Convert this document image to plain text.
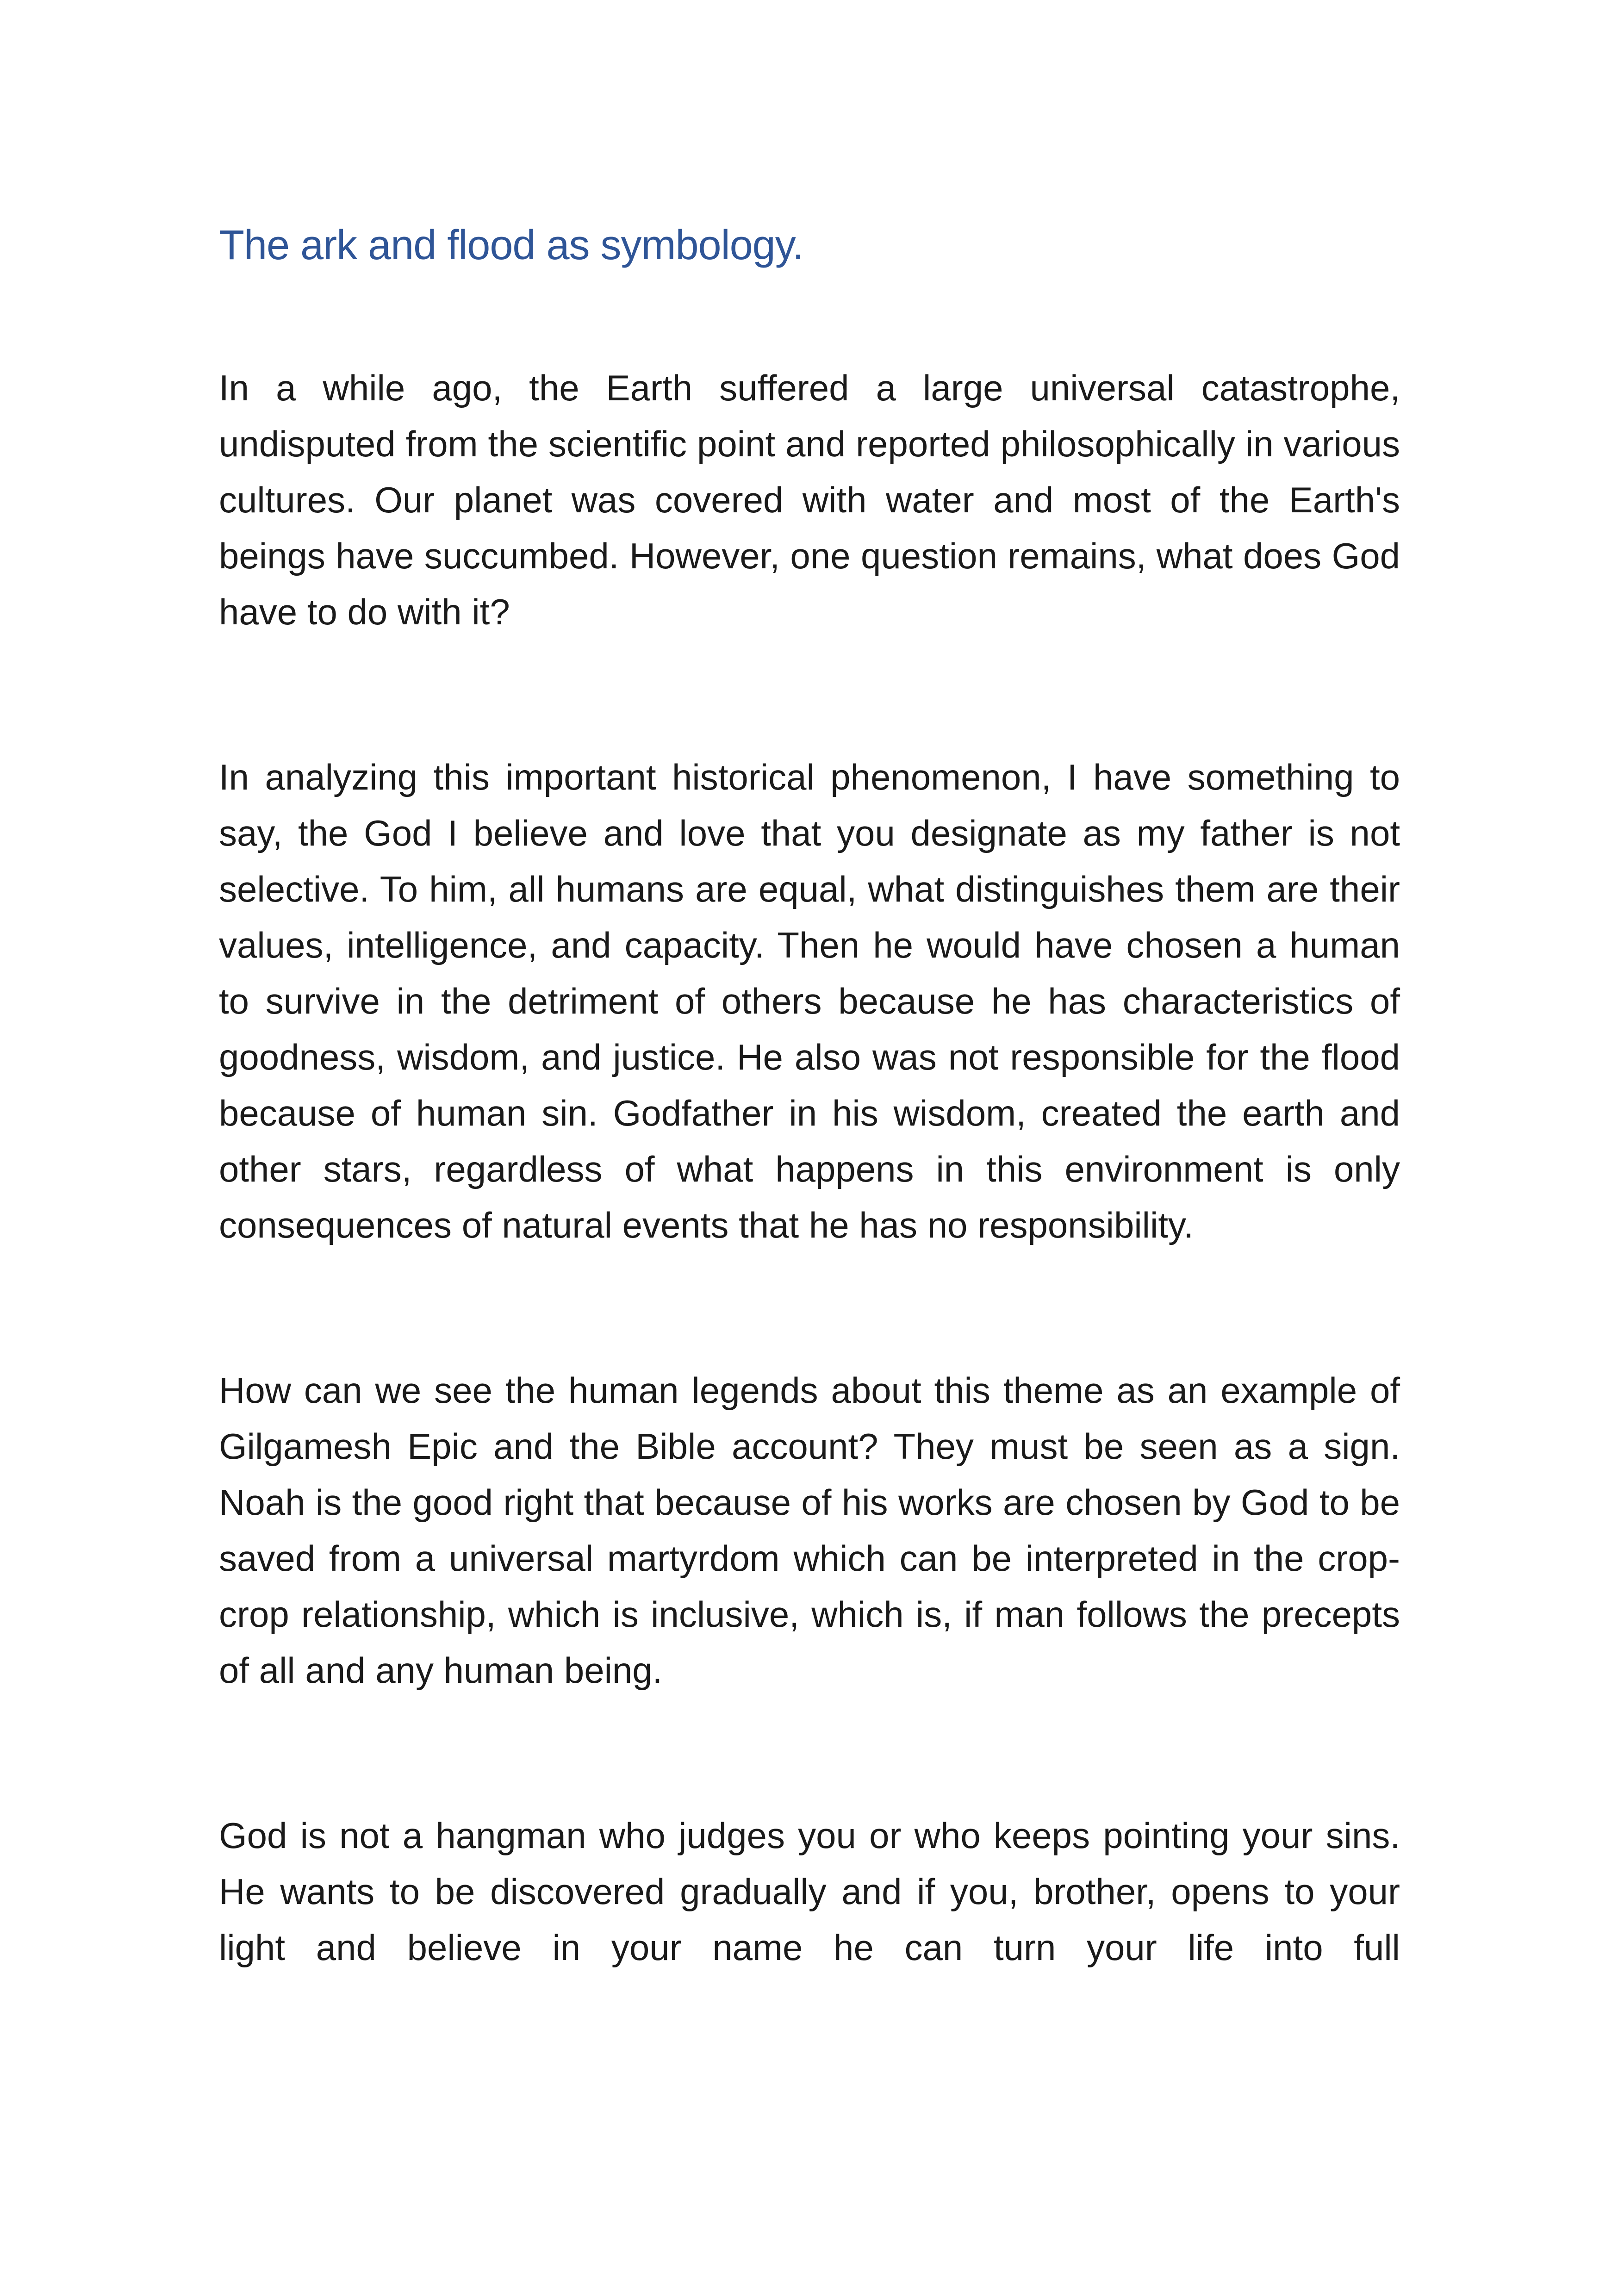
The ark and flood as symbology.

In a while ago, the Earth suffered a large universal catastrophe, undisputed from the scientific point and reported philosophically in various cultures. Our planet was covered with water and most of the Earth's beings have succumbed. However, one question remains, what does God have to do with it?

In analyzing this important historical phenomenon, I have something to say, the God I believe and love that you designate as my father is not selective. To him, all humans are equal, what distinguishes them are their values, intelligence, and capacity. Then he would have chosen a human to survive in the detriment of others because he has characteristics of goodness, wisdom, and justice. He also was not responsible for the flood because of human sin. Godfather in his wisdom, created the earth and other stars, regardless of what happens in this environment is only consequences of natural events that he has no responsibility.

How can we see the human legends about this theme as an example of Gilgamesh Epic and the Bible account? They must be seen as a sign. Noah is the good right that because of his works are chosen by God to be saved from a universal martyrdom which can be interpreted in the crop-crop relationship, which is inclusive, which is, if man follows the precepts of all and any human being.

God is not a hangman who judges you or who keeps pointing your sins. He wants to be discovered gradually and if you, brother, opens to your light and believe in your name he can turn your life into full
